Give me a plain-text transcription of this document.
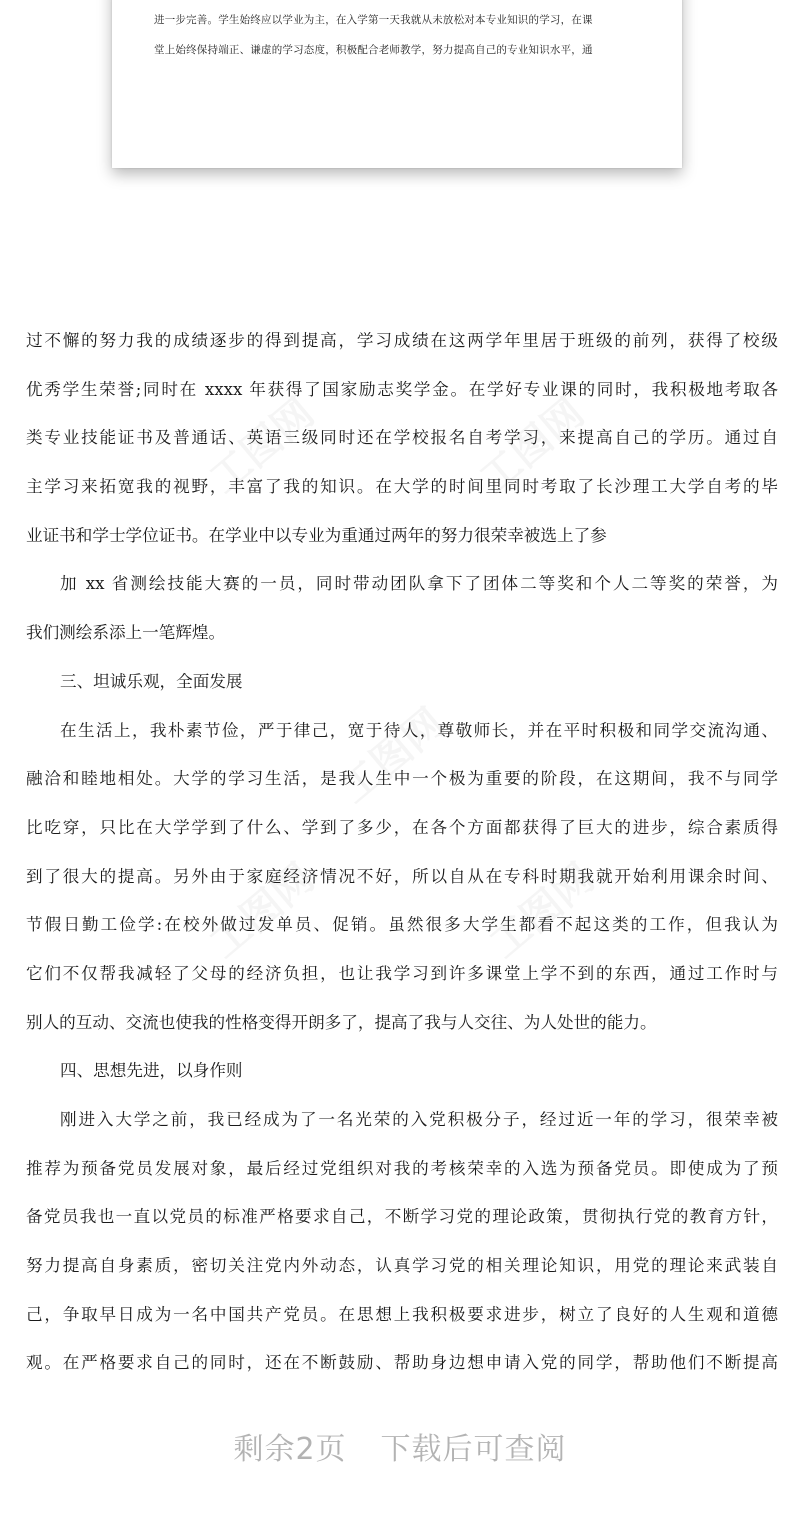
进一步完善。学生始终应以学业为主，在入学第一天我就从未放松对本专业知识的学习，在课
堂上始终保持端正、谦虚的学习态度，积极配合老师教学，努力提高自己的专业知识水平，通
工图网	工图网
工图网
工图网	工图网
过不懈的努力我的成绩逐步的得到提高，学习成绩在这两学年里居于班级的前列，获得了校级
优秀学生荣誉;同时在 xxxx 年获得了国家励志奖学金。在学好专业课的同时，我积极地考取各
类专业技能证书及普通话、英语三级同时还在学校报名自考学习，来提高自己的学历。通过自
主学习来拓宽我的视野，丰富了我的知识。在大学的时间里同时考取了长沙理工大学自考的毕
业证书和学士学位证书。在学业中以专业为重通过两年的努力很荣幸被选上了参
加 xx 省测绘技能大赛的一员，同时带动团队拿下了团体二等奖和个人二等奖的荣誉，为
我们测绘系添上一笔辉煌。
三、坦诚乐观，全面发展
在生活上，我朴素节俭，严于律己，宽于待人，尊敬师长，并在平时积极和同学交流沟通、
融洽和睦地相处。大学的学习生活，是我人生中一个极为重要的阶段，在这期间，我不与同学
比吃穿，只比在大学学到了什么、学到了多少，在各个方面都获得了巨大的进步，综合素质得
到了很大的提高。另外由于家庭经济情况不好，所以自从在专科时期我就开始利用课余时间、
节假日勤工俭学:在校外做过发单员、促销。虽然很多大学生都看不起这类的工作，但我认为
它们不仅帮我减轻了父母的经济负担，也让我学习到许多课堂上学不到的东西，通过工作时与
别人的互动、交流也使我的性格变得开朗多了，提高了我与人交往、为人处世的能力。
四、思想先进，以身作则
刚进入大学之前，我已经成为了一名光荣的入党积极分子，经过近一年的学习，很荣幸被
推荐为预备党员发展对象，最后经过党组织对我的考核荣幸的入选为预备党员。即使成为了预
备党员我也一直以党员的标准严格要求自己，不断学习党的理论政策，贯彻执行党的教育方针，
努力提高自身素质，密切关注党内外动态，认真学习党的相关理论知识，用党的理论来武装自
己，争取早日成为一名中国共产党员。在思想上我积极要求进步，树立了良好的人生观和道德
观。在严格要求自己的同时，还在不断鼓励、帮助身边想申请入党的同学，帮助他们不断提高
剩余2页 下载后可查阅
